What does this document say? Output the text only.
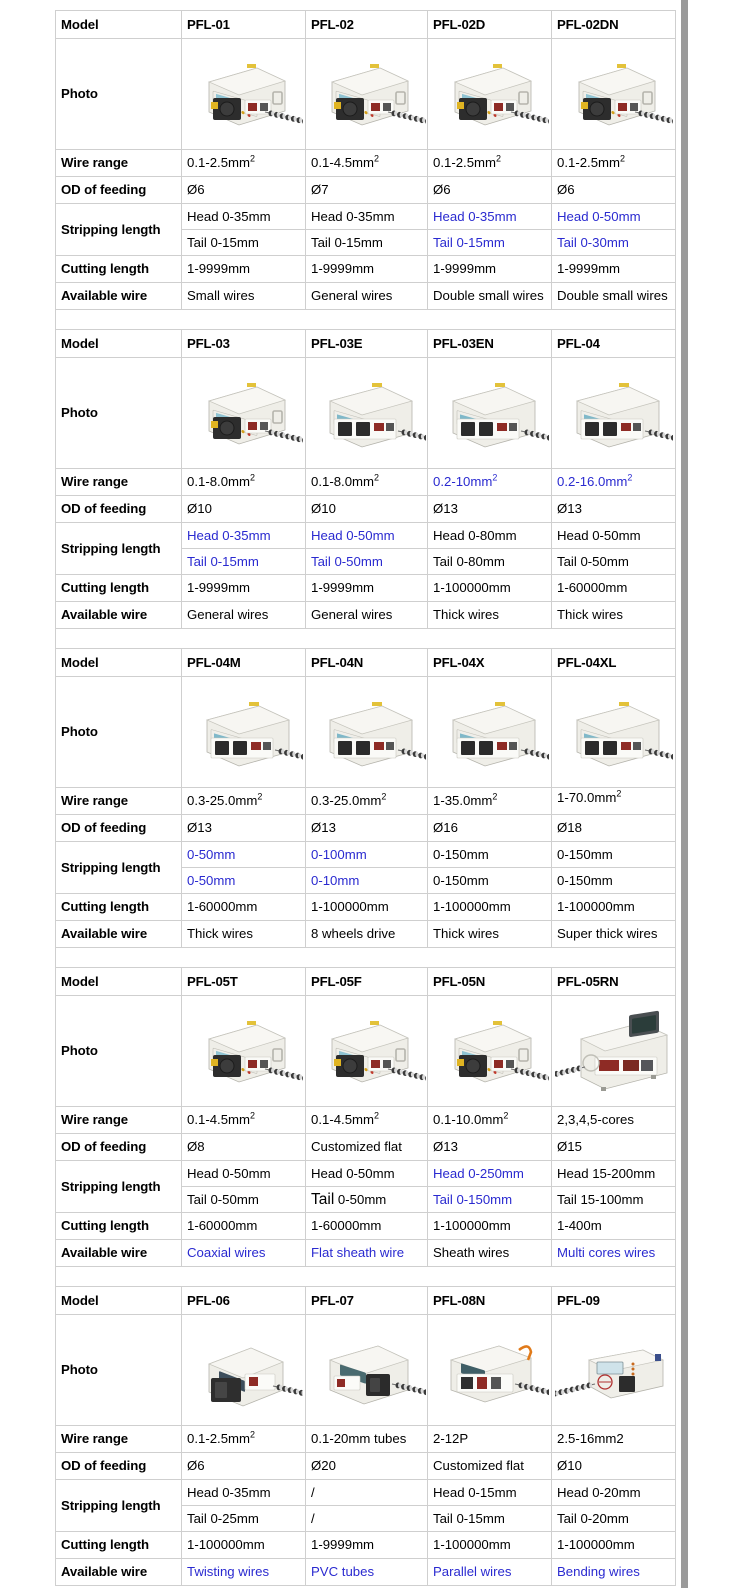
Model	PFL-01	PFL-02	PFL-02D	PFL-02DN
Photo	

Wire range	$0.1-2.5mm^2$	$0.1-4.5mm^2$	$0.1-2.5mm^2$	$0.1-2.5mm^2$
OD of feeding	Ø6	Ø7	Ø6	Ø6
Stripping length	Head 0-35mm	Head 0-35mm	Head 0-35mm	Head 0-50mm
	Tail 0-15mm	Tail 0-15mm	Tail 0-15mm	Tail 0-30mm
Cutting length	1-9999mm	1-9999mm	1-9999mm	1-9999mm
Available wire	Small wires	General wires	Double small wires	Double small wires

Model	PFL-03	PFL-03E	PFL-03EN	PFL-04
Photo	

Wire range	$0.1-8.0mm^2$	$0.1-8.0mm^2$	$0.2-10mm^2$	$0.2-16.0mm^2$
OD of feeding	Ø10	Ø10	Ø13	Ø13
Stripping length	Head 0-35mm	Head 0-50mm	Head 0-80mm	Head 0-50mm
	Tail 0-15mm	Tail 0-50mm	Tail 0-80mm	Tail 0-50mm
Cutting length	1-9999mm	1-9999mm	1-100000mm	1-60000mm
Available wire	General wires	General wires	Thick wires	Thick wires

Model	PFL-04M	PFL-04N	PFL-04X	PFL-04XL
Photo	

Wire range	$0.3-25.0mm^2$	$0.3-25.0mm^2$	$1-35.0mm^2$	$1-70.0mm^2$
OD of feeding	Ø13	Ø13	Ø16	Ø18
Stripping length	0-50mm	0-100mm	0-150mm	0-150mm
	0-50mm	0-10mm	0-150mm	0-150mm
Cutting length	1-60000mm	1-100000mm	1-100000mm	1-100000mm
Available wire	Thick wires	8 wheels drive	Thick wires	Super thick wires

Model	PFL-05T	PFL-05F	PFL-05N	PFL-05RN
Photo	

Wire range	$0.1-4.5mm^2$	$0.1-4.5mm^2$	$0.1-10.0mm^2$	2,3,4,5-cores
OD of feeding	Ø8	Customized flat	Ø13	Ø15
Stripping length	Head 0-50mm	Head 0-50mm	Head 0-250mm	Head 15-200mm
	Tail 0-50mm	Tail 0-50mm	Tail 0-150mm	Tail 15-100mm
Cutting length	1-60000mm	1-60000mm	1-100000mm	1-400m
Available wire	Coaxial wires	Flat sheath wire	Sheath wires	Multi cores wires

Model	PFL-06	PFL-07	PFL-08N	PFL-09
Photo	

Wire range	$0.1-2.5mm^2$	0.1-20mm tubes	2-12P	2.5-16mm2
OD of feeding	Ø6	Ø20	Customized flat	Ø10
Stripping length	Head 0-35mm	/	Head 0-15mm	Head 0-20mm
	Tail 0-25mm	/	Tail 0-15mm	Tail 0-20mm
Cutting length	1-100000mm	1-9999mm	1-100000mm	1-100000mm
Available wire	Twisting wires	PVC tubes	Parallel wires	Bending wires
